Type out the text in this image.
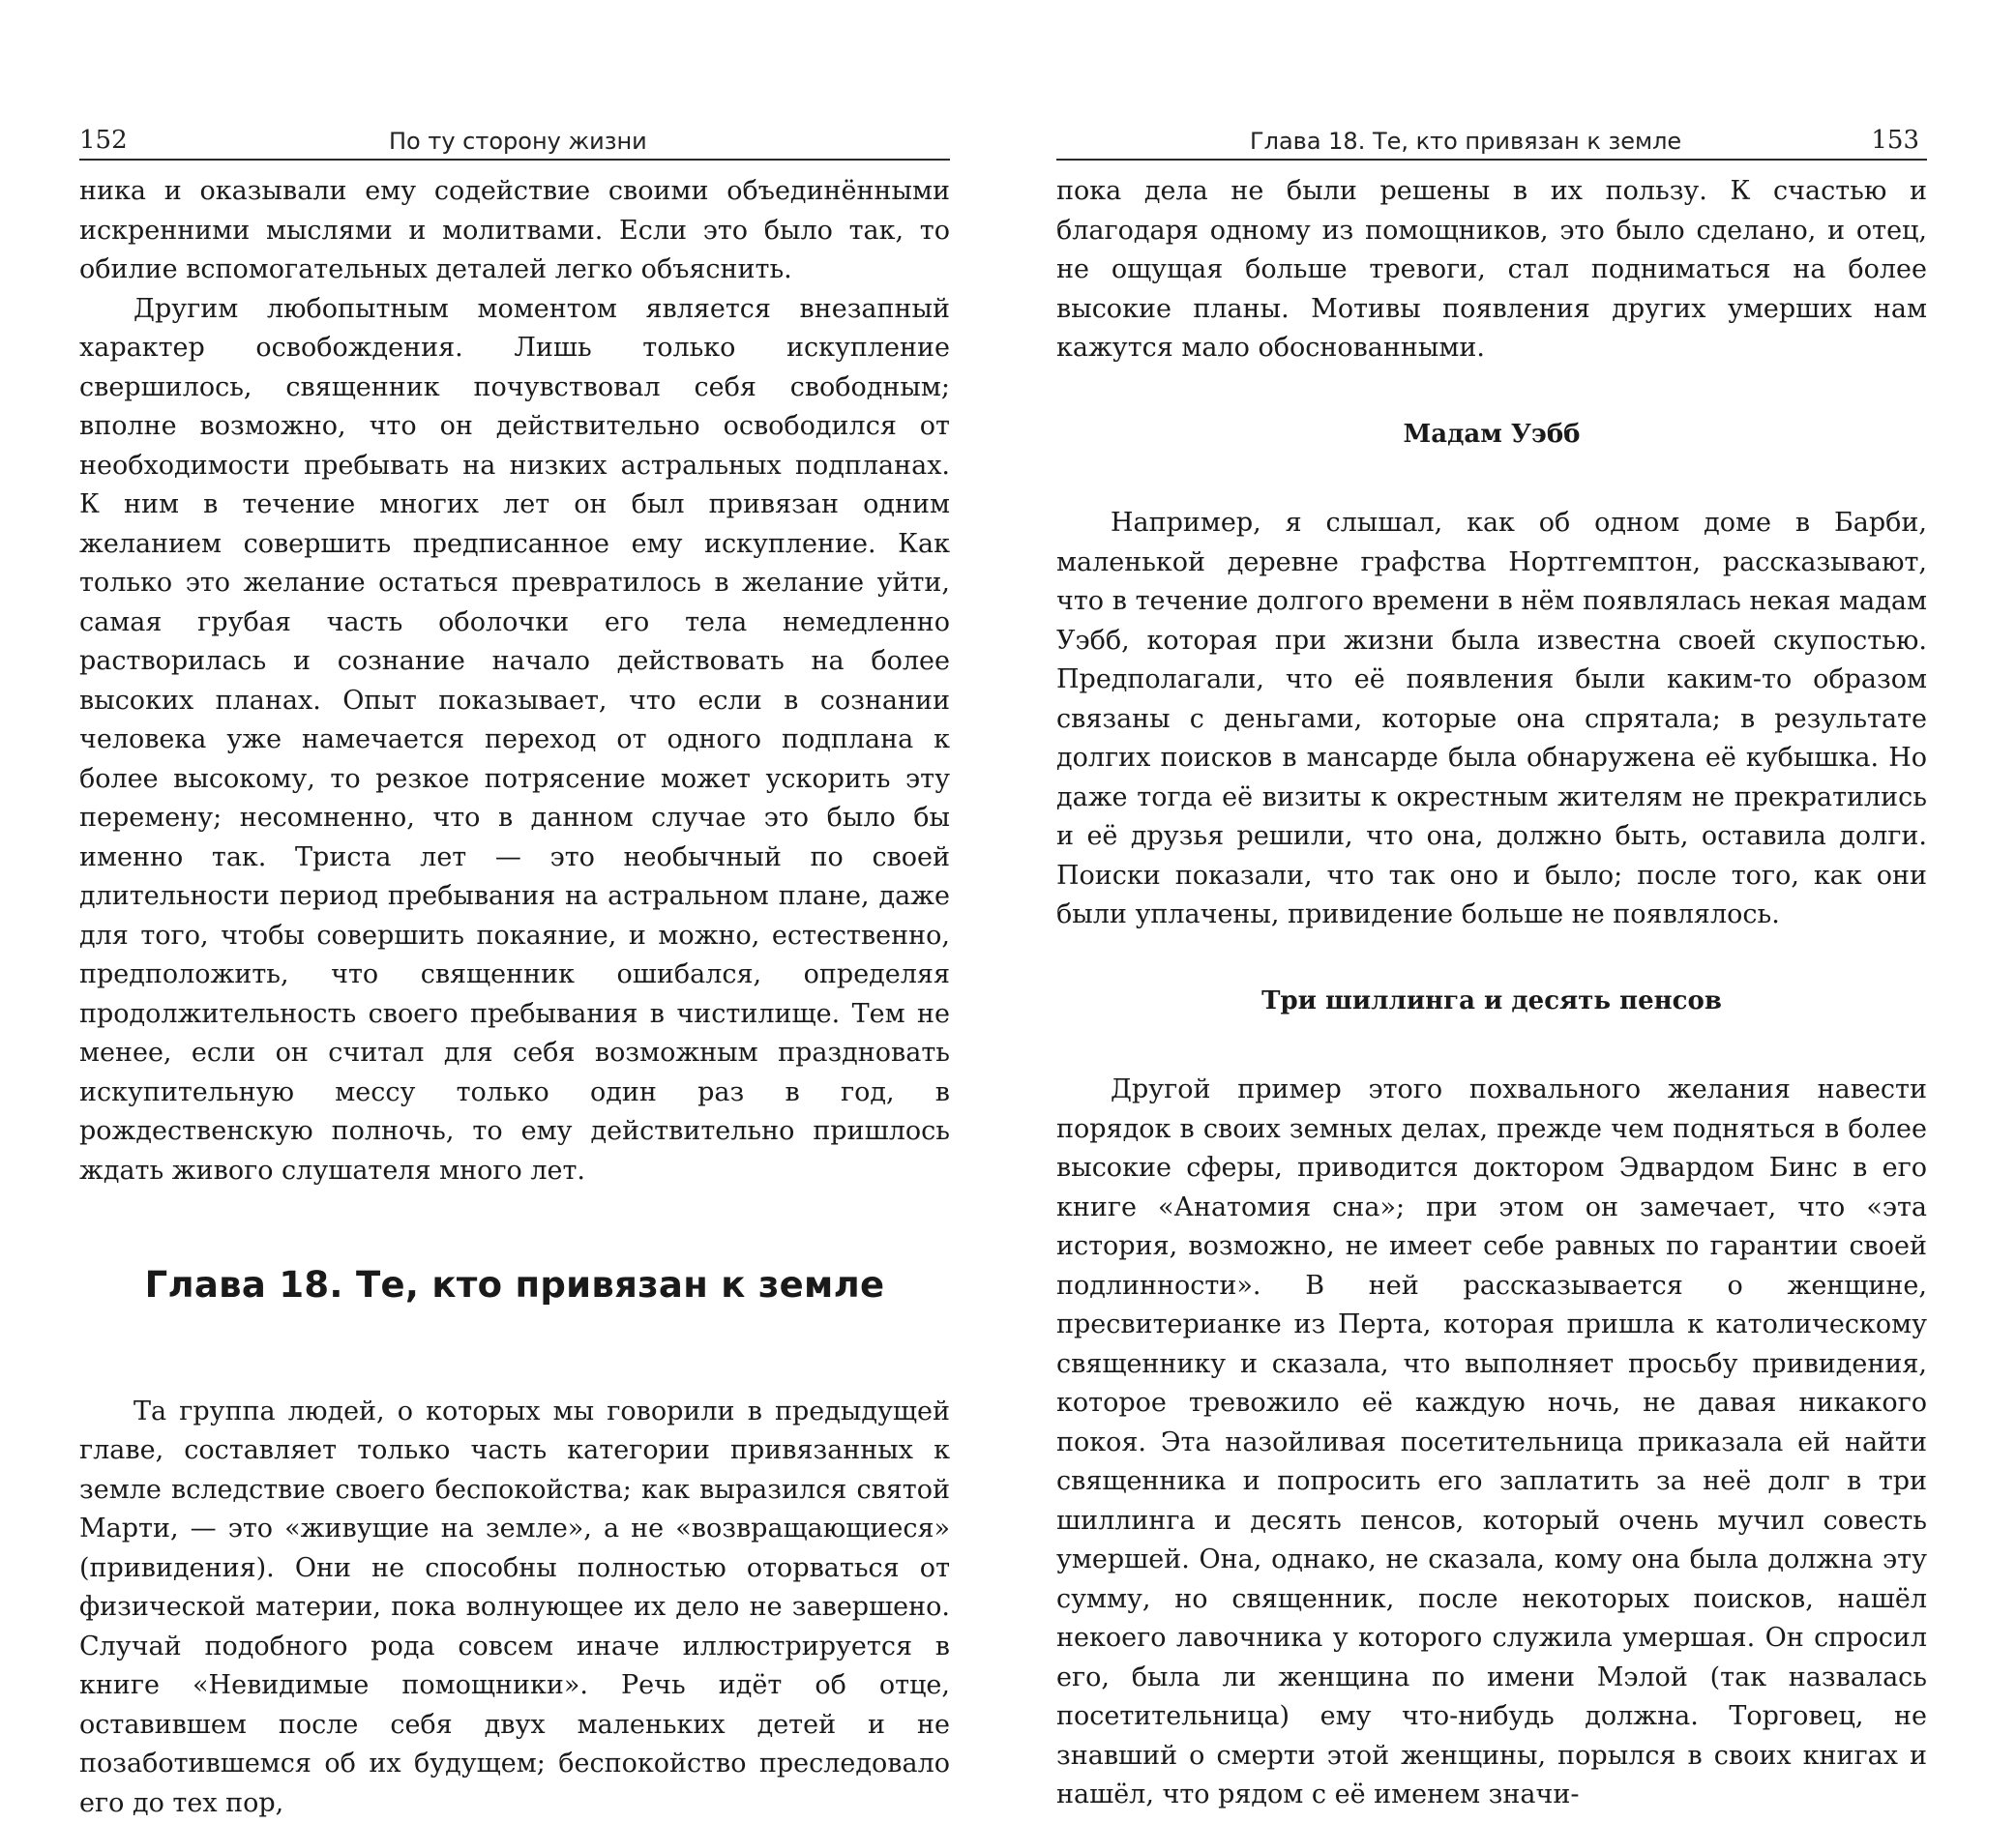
152	По ту сторону жизни

ника и оказывали ему содействие своими объединёнными искренними мыслями и молитвами. Если это было так, то обилие вспомогательных деталей легко объяснить.

Другим любопытным моментом является внезапный характер освобождения. Лишь только искупление свершилось, священник почувствовал себя свободным; вполне возможно, что он действительно освободился от необходимости пребывать на низких астральных подпланах. К ним в течение многих лет он был привязан одним желанием совершить предписанное ему искупление. Как только это желание остаться превратилось в желание уйти, самая грубая часть оболочки его тела немедленно растворилась и сознание начало действовать на более высоких планах. Опыт показывает, что если в сознании человека уже намечается переход от одного подплана к более высокому, то резкое потрясение может ускорить эту перемену; несомненно, что в данном случае это было бы именно так. Триста лет — это необычный по своей длительности период пребывания на астральном плане, даже для того, чтобы совершить покаяние, и можно, естественно, предположить, что священник ошибался, определяя продолжительность своего пребывания в чистилище. Тем не менее, если он считал для себя возможным праздновать искупительную мессу только один раз в год, в рождественскую полночь, то ему действительно пришлось ждать живого слушателя много лет.

Глава 18. Те, кто привязан к земле

Та группа людей, о которых мы говорили в предыдущей главе, составляет только часть категории привязанных к земле вследствие своего беспокойства; как выразился святой Марти, — это «живущие на земле», а не «возвращающиеся» (привидения). Они не способны полностью оторваться от физической материи, пока волнующее их дело не завершено. Случай подобного рода совсем иначе иллюстрируется в книге «Невидимые помощники». Речь идёт об отце, оставившем после себя двух маленьких детей и не позаботившемся об их будущем; беспокойство преследовало его до тех пор,

Глава 18. Те, кто привязан к земле	153

пока дела не были решены в их пользу. К счастью и благодаря одному из помощников, это было сделано, и отец, не ощущая больше тревоги, стал подниматься на более высокие планы. Мотивы появления других умерших нам кажутся мало обоснованными.

Мадам Уэбб

Например, я слышал, как об одном доме в Барби, маленькой деревне графства Нортгемптон, рассказывают, что в течение долгого времени в нём появлялась некая мадам Уэбб, которая при жизни была известна своей скупостью. Предполагали, что её появления были каким-то образом связаны с деньгами, которые она спрятала; в результате долгих поисков в мансарде была обнаружена её кубышка. Но даже тогда её визиты к окрестным жителям не прекратились и её друзья решили, что она, должно быть, оставила долги. Поиски показали, что так оно и было; после того, как они были уплачены, привидение больше не появлялось.

Три шиллинга и десять пенсов

Другой пример этого похвального желания навести порядок в своих земных делах, прежде чем подняться в более высокие сферы, приводится доктором Эдвардом Бинс в его книге «Анатомия сна»; при этом он замечает, что «эта история, возможно, не имеет себе равных по гарантии своей подлинности». В ней рассказывается о женщине, пресвитерианке из Перта, которая пришла к католическому священнику и сказала, что выполняет просьбу привидения, которое тревожило её каждую ночь, не давая никакого покоя. Эта назойливая посетительница приказала ей найти священника и попросить его заплатить за неё долг в три шиллинга и десять пенсов, который очень мучил совесть умершей. Она, однако, не сказала, кому она была должна эту сумму, но священник, после некоторых поисков, нашёл некоего лавочника у которого служила умершая. Он спросил его, была ли женщина по имени Мэлой (так назвалась посетительница) ему что-нибудь должна. Торговец, не знавший о смерти этой женщины, порылся в своих книгах и нашёл, что рядом с её именем значи-
